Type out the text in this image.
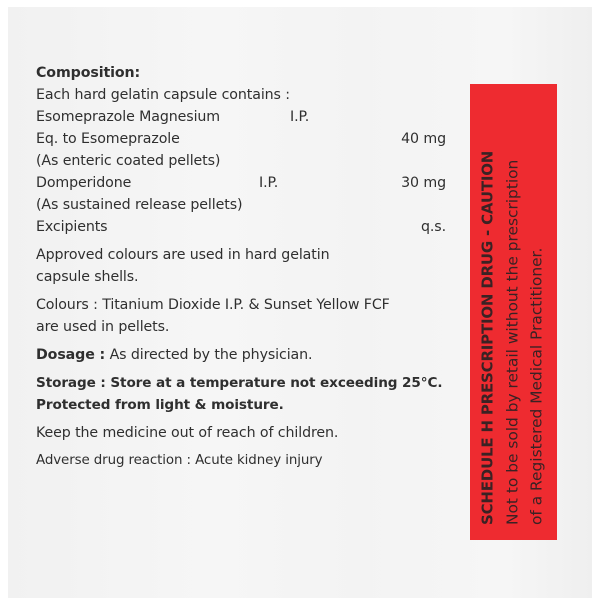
Composition:
Each hard gelatin capsule contains :
Esomeprazole Magnesium	I.P.
Eq. to Esomeprazole	40 mg
(As enteric coated pellets)
Domperidone	I.P.	30 mg
(As sustained release pellets)
Excipients	q.s.
Approved colours are used in hard gelatin
capsule shells.
Colours : Titanium Dioxide I.P. & Sunset Yellow FCF
are used in pellets.
Dosage : As directed by the physician.
Storage : Store at a temperature not exceeding 25°C.
Protected from light & moisture.
Keep the medicine out of reach of children.
Adverse drug reaction : Acute kidney injury	SCHEDULE H PRESCRIPTION DRUG - CAUTION Not to be sold by retail without the prescription of a Registered Medical Practitioner.
